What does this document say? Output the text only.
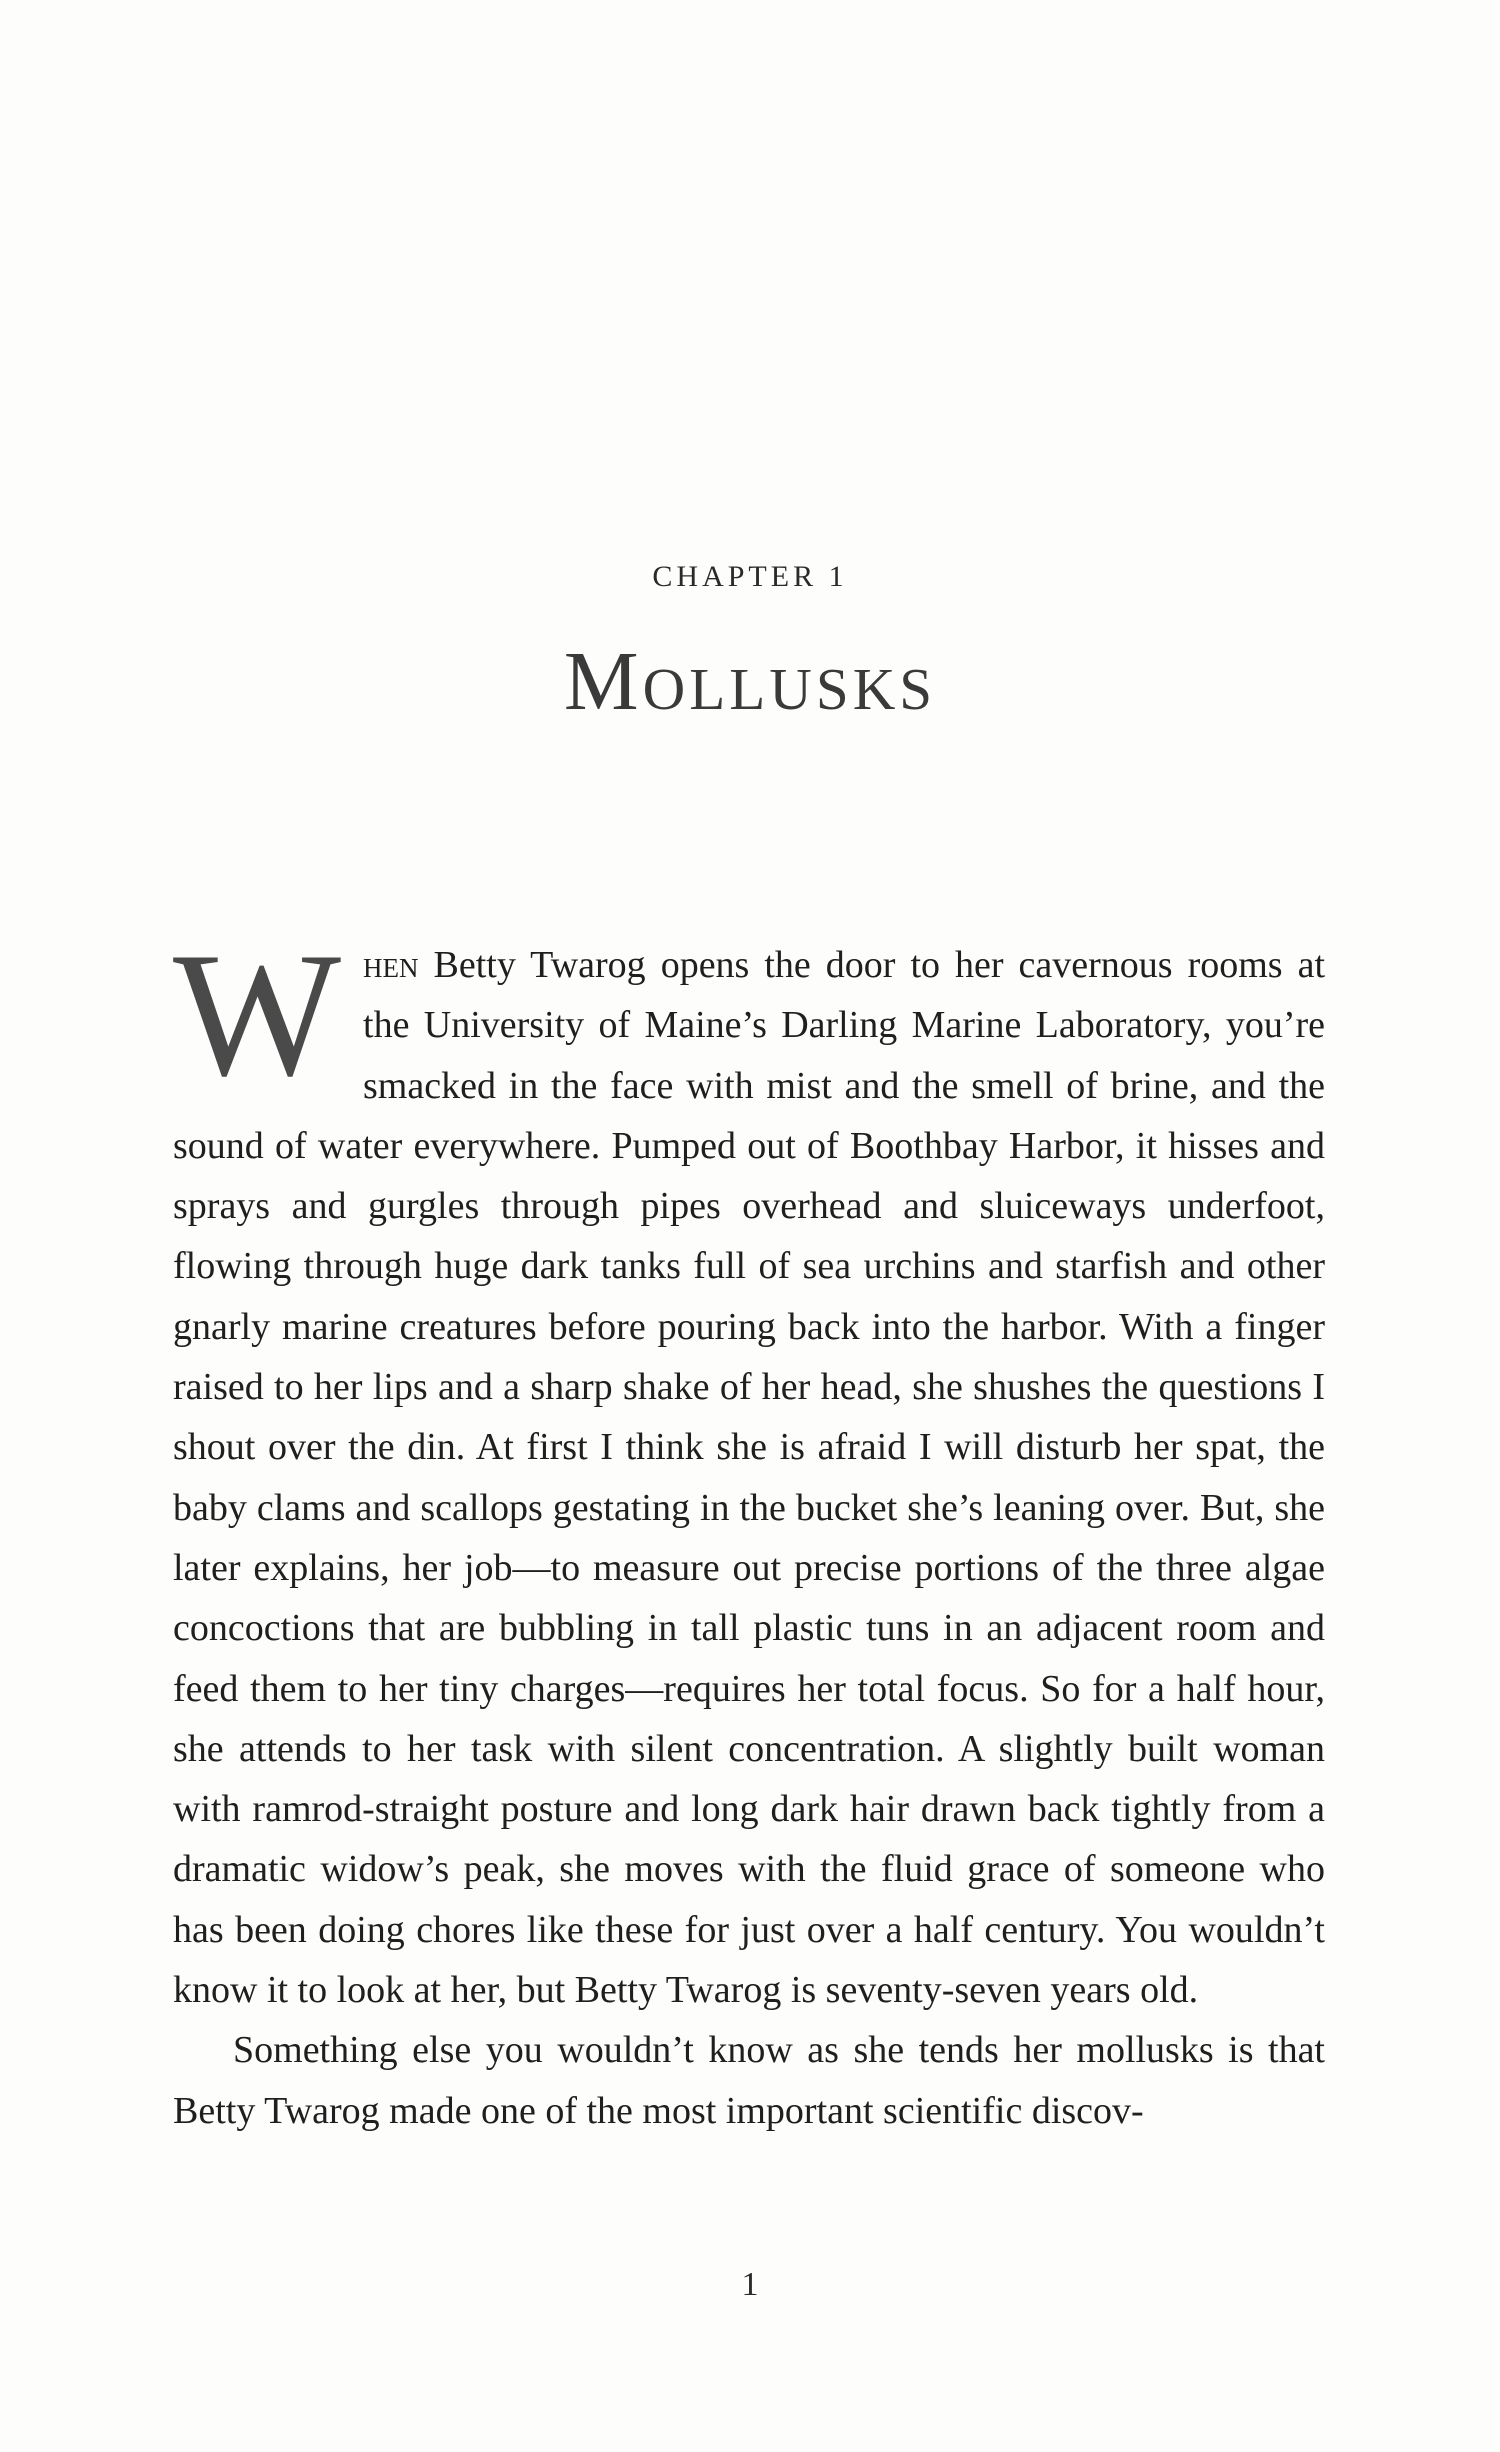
CHAPTER 1
Mollusks

When Betty Twarog opens the door to her cavernous rooms at the University of Maine’s Darling Marine Laboratory, you’re smacked in the face with mist and the smell of brine, and the sound of water everywhere. Pumped out of Boothbay Harbor, it hisses and sprays and gurgles through pipes overhead and sluiceways underfoot, flowing through huge dark tanks full of sea urchins and starfish and other gnarly marine creatures before pouring back into the harbor. With a finger raised to her lips and a sharp shake of her head, she shushes the questions I shout over the din. At first I think she is afraid I will disturb her spat, the baby clams and scallops gestating in the bucket she’s leaning over. But, she later explains, her job—to measure out precise portions of the three algae concoctions that are bubbling in tall plastic tuns in an adjacent room and feed them to her tiny charges—requires her total focus. So for a half hour, she attends to her task with silent concentration. A slightly built woman with ramrod-straight posture and long dark hair drawn back tightly from a dramatic widow’s peak, she moves with the fluid grace of someone who has been doing chores like these for just over a half century. You wouldn’t know it to look at her, but Betty Twarog is seventy-seven years old.

Something else you wouldn’t know as she tends her mollusks is that Betty Twarog made one of the most important scientific discov-

1
